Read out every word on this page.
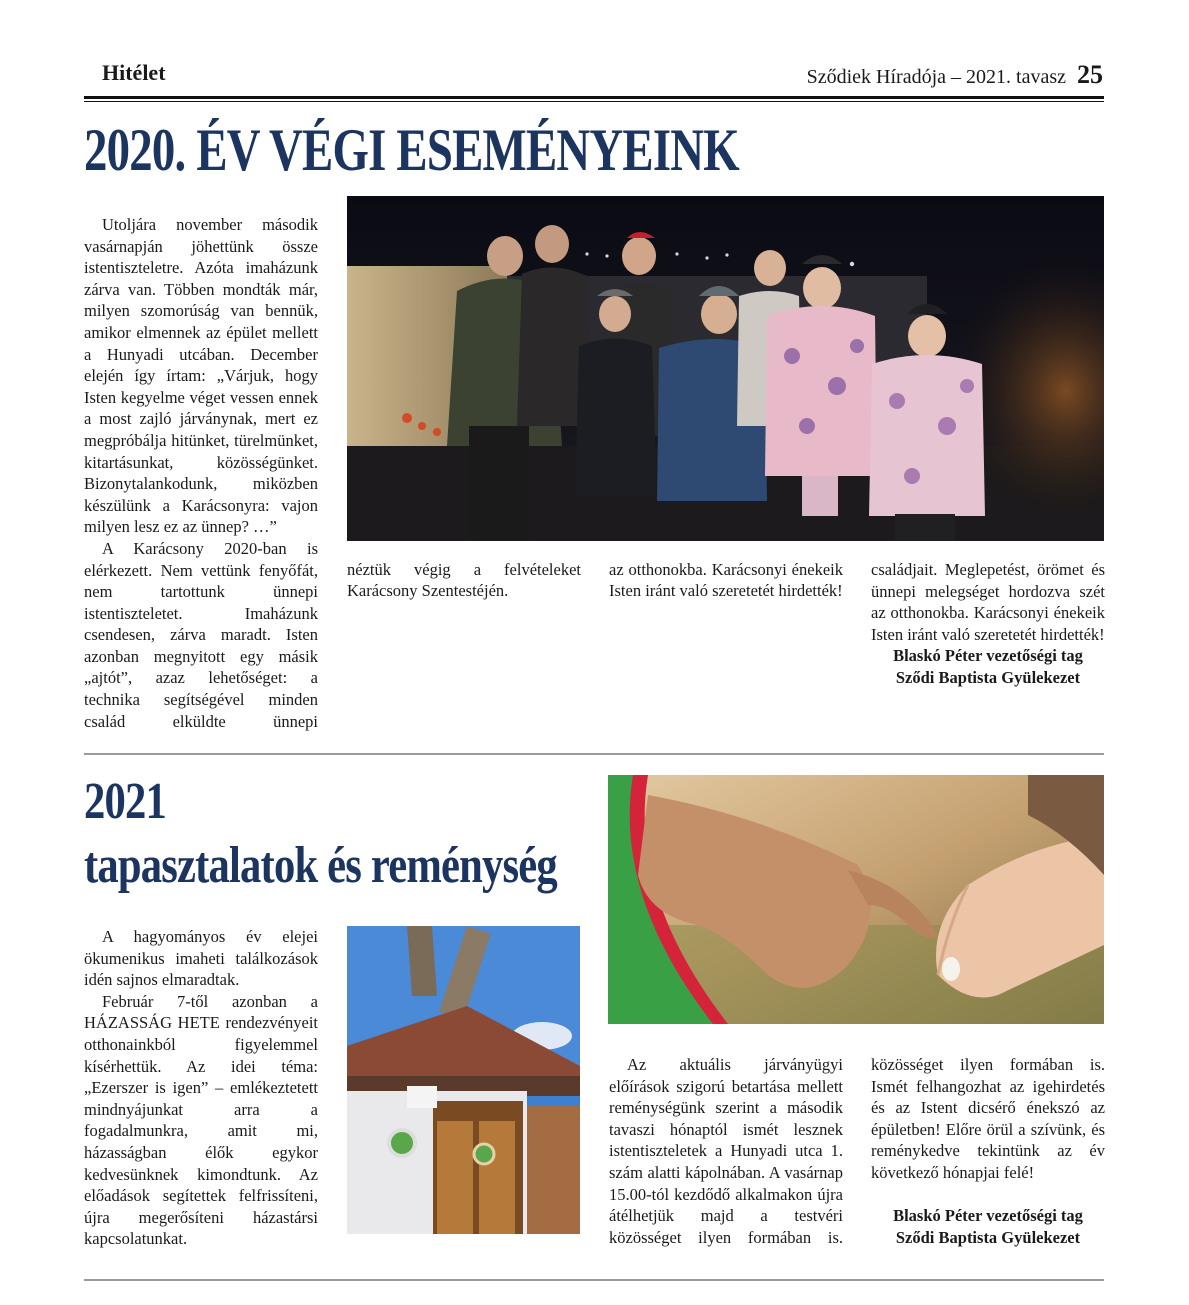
Hitélet	Sződiek Híradója – 2021. tavasz 25
2020. ÉV VÉGI ESEMÉNYEINK

Utoljára november második vasárnapján jöhettünk össze istentiszteletre. Azóta imaházunk zárva van. Többen mondták már, milyen szomorúság van bennük, amikor elmennek az épület mellett a Hunyadi utcában. December elején így írtam: „Várjuk, hogy Isten kegyelme véget vessen ennek a most zajló járványnak, mert ez megpróbálja hitünket, türelmünket, kitartásunkat, közösségünket. Bizonytalankodunk, miközben készülünk a Karácsonyra: vajon milyen lesz ez az ünnep? …”

A Karácsony 2020-ban is elérkezett. Nem vettünk fenyőfát, nem tartottunk ünnepi istentiszteletet. Imaházunk csendesen, zárva maradt. Isten azonban megnyitott egy másik „ajtót”, azaz lehetőséget: a technika segítségével minden család elküldte ünnepi

néztük végig a felvételeket Karácsony Szentestéjén.

az otthonokba. Karácsonyi énekeik Isten iránt való szeretetét hirdették!

családjait. Meglepetést, örömet és ünnepi melegséget hordozva szét az otthonokba. Karácsonyi énekeik Isten iránt való szeretetét hirdették!

Blaskó Péter vezetőségi tag

Sződi Baptista Gyülekezet

2021
tapasztalatok és reménység

A hagyományos év elejei ökumenikus imaheti találkozások idén sajnos elmaradtak.

Február 7-től azonban a HÁZASSÁG HETE rendezvényeit otthonainkból figyelemmel kísérhettük. Az idei téma: „Ezerszer is igen” – emlékeztetett mindnyájunkat arra a fogadalmunkra, amit mi, házasságban élők egykor kedvesünknek kimondtunk. Az előadások segítettek felfrissíteni, újra megerősíteni házastársi kapcsolatunkat.

Az aktuális járványügyi előírások szigorú betartása mellett reménységünk szerint a második tavaszi hónaptól ismét lesznek istentiszteletek a Hunyadi utca 1. szám alatti kápolnában. A vasárnap 15.00-tól kezdődő alkalmakon újra átélhetjük majd a testvéri közösséget ilyen formában is.

közösséget ilyen formában is. Ismét felhangozhat az igehirdetés és az Istent dicsérő énekszó az épületben! Előre örül a szívünk, és reménykedve tekintünk az év következő hónapjai felé!

Blaskó Péter vezetőségi tag

Sződi Baptista Gyülekezet
